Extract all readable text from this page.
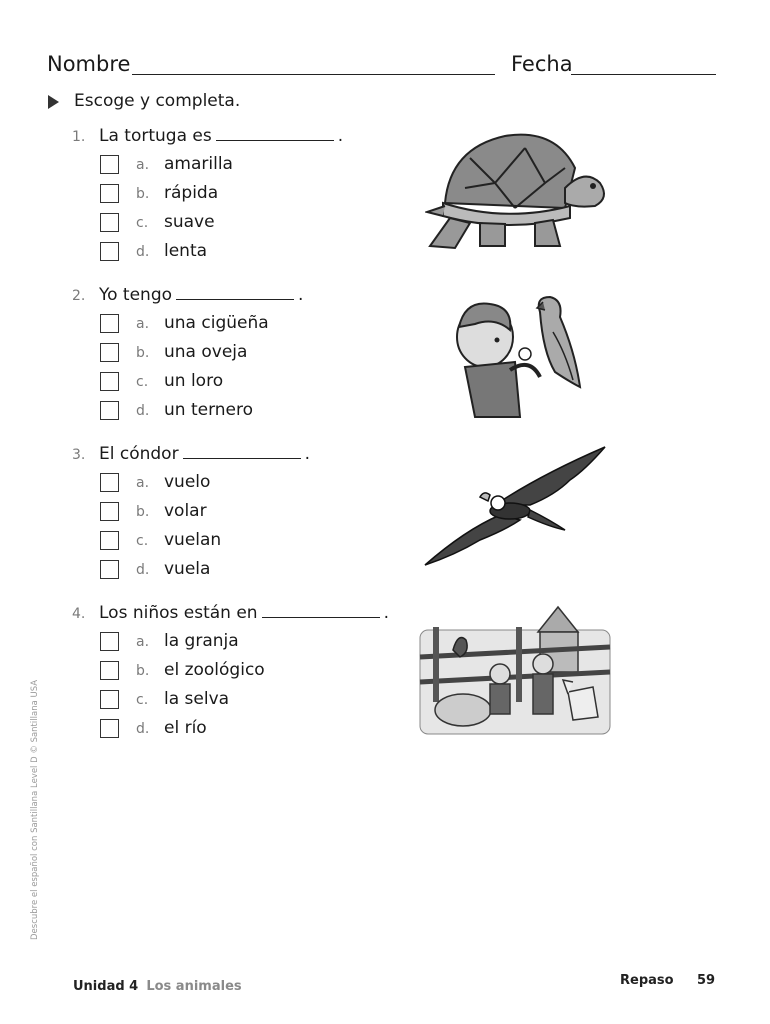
Nombre	Fecha
Escoge y completa.
1. La tortuga es	.
a. amarilla
b. rápida
c. suave
d. lenta
2. Yo tengo	.
a. una cigüeña
b. una oveja
c. un loro
d. un ternero
3. El cóndor	.
a. vuelo
b. volar
c. vuelan
d. vuela
4. Los niños están en	.
a. la granja
b. el zoológico
c. la selva
d. el río
Descubre el español con Santillana Level D © Santillana USA
Unidad 4 Los animales	Repaso 59
